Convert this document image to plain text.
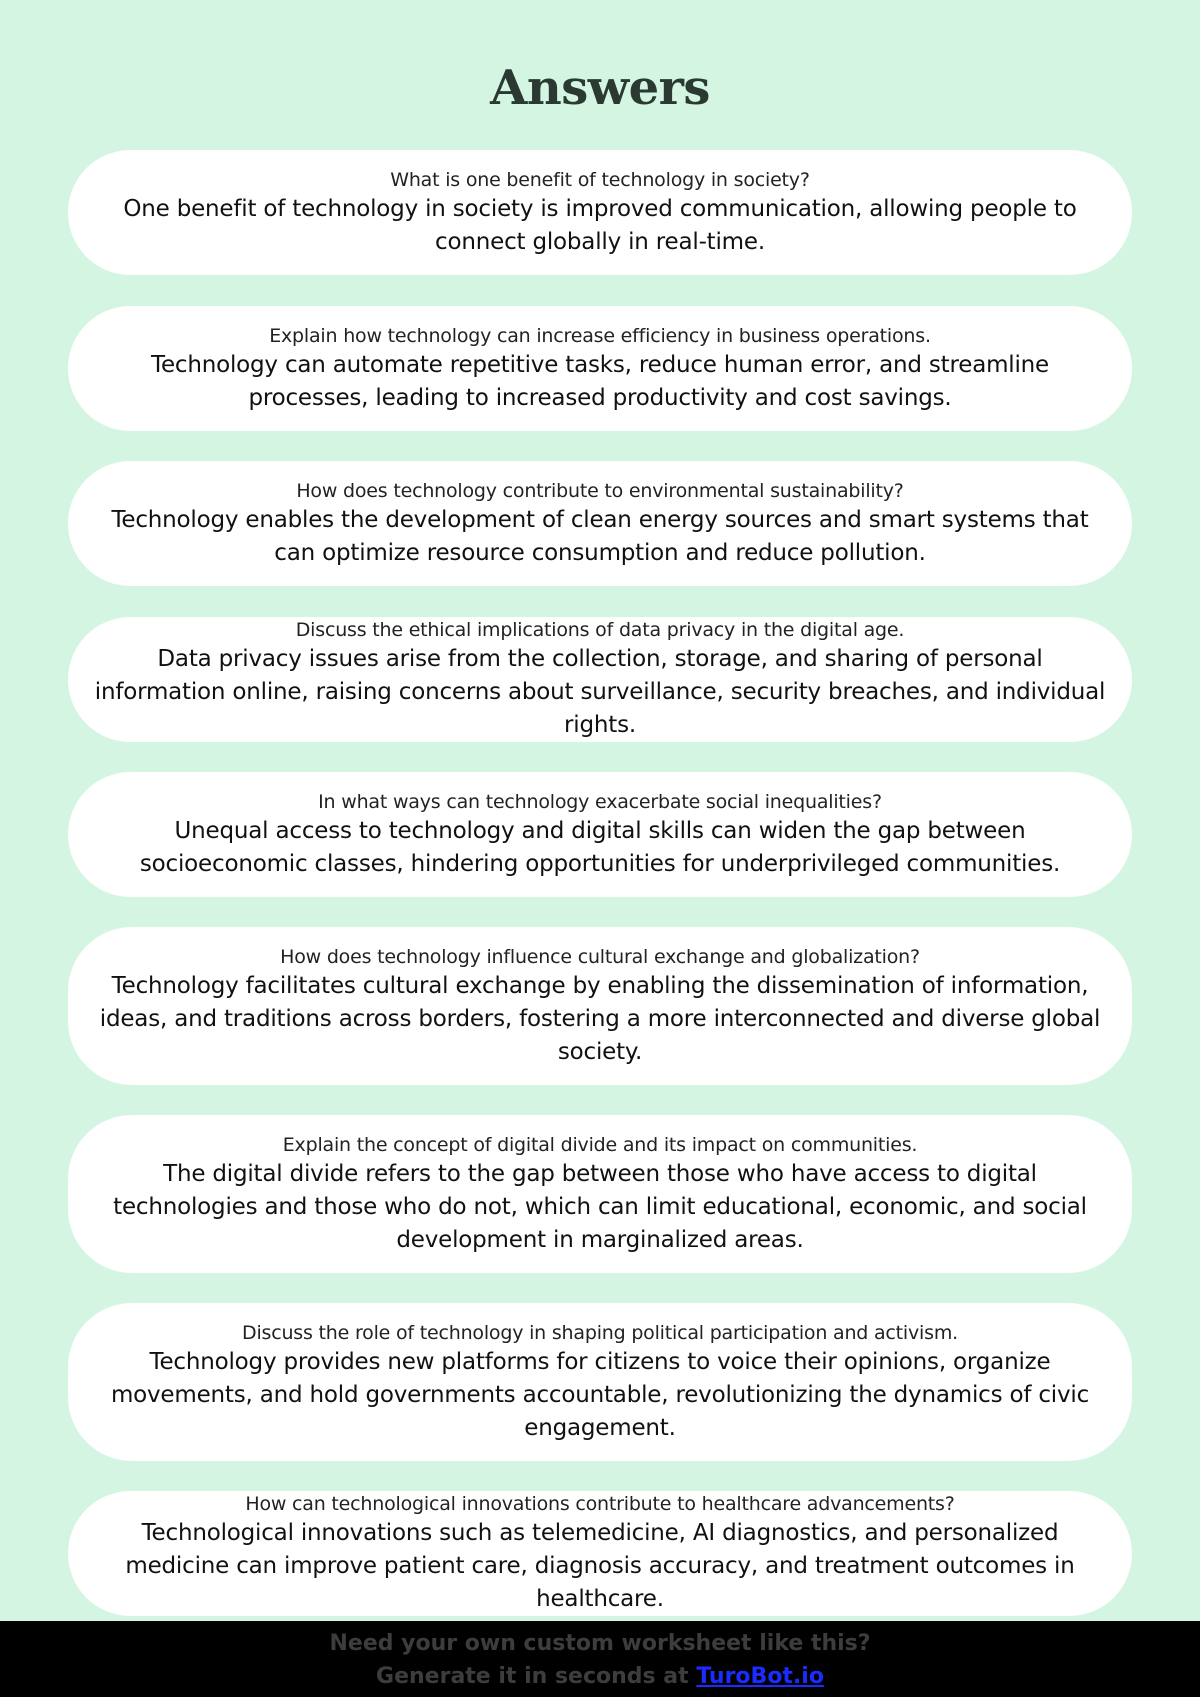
Answers
What is one benefit of technology in society?
One benefit of technology in society is improved communication, allowing people to connect globally in real-time.
Explain how technology can increase efficiency in business operations.
Technology can automate repetitive tasks, reduce human error, and streamline processes, leading to increased productivity and cost savings.
How does technology contribute to environmental sustainability?
Technology enables the development of clean energy sources and smart systems that can optimize resource consumption and reduce pollution.
Discuss the ethical implications of data privacy in the digital age.
Data privacy issues arise from the collection, storage, and sharing of personal information online, raising concerns about surveillance, security breaches, and individual rights.
In what ways can technology exacerbate social inequalities?
Unequal access to technology and digital skills can widen the gap between socioeconomic classes, hindering opportunities for underprivileged communities.
How does technology influence cultural exchange and globalization?
Technology facilitates cultural exchange by enabling the dissemination of information, ideas, and traditions across borders, fostering a more interconnected and diverse global society.
Explain the concept of digital divide and its impact on communities.
The digital divide refers to the gap between those who have access to digital technologies and those who do not, which can limit educational, economic, and social development in marginalized areas.
Discuss the role of technology in shaping political participation and activism.
Technology provides new platforms for citizens to voice their opinions, organize movements, and hold governments accountable, revolutionizing the dynamics of civic engagement.
How can technological innovations contribute to healthcare advancements?
Technological innovations such as telemedicine, AI diagnostics, and personalized medicine can improve patient care, diagnosis accuracy, and treatment outcomes in healthcare.
Need your own custom worksheet like this?
Generate it in seconds at TuroBot.io
